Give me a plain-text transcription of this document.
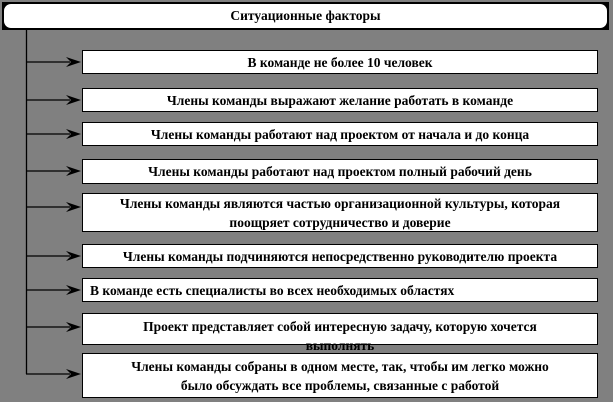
Ситуационные факторы
В команде не более 10 человек
Члены команды выражают желание работать в команде
Члены команды работают над проектом от начала и до конца
Члены команды работают над проектом полный рабочий день
Члены команды являются частью организационной культуры, которая
поощряет сотрудничество и доверие
Члены команды подчиняются непосредственно руководителю проекта
В команде есть специалисты во всех необходимых областях
Проект представляет собой интересную задачу, которую хочется
выполнять
Члены команды собраны в одном месте, так, чтобы им легко можно
было обсуждать все проблемы, связанные с работой
